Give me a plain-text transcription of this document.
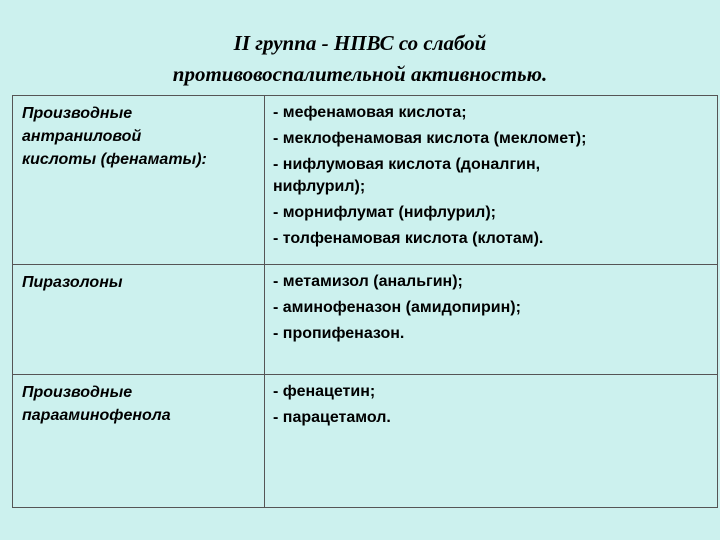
II группа - НПВС со слабой
противовоспалительной активностью.
Производные
антраниловой
кислоты (фенаматы):
- мефенамовая кислота;
- меклофенамовая кислота (мекломет);
- нифлумовая кислота (доналгин,
нифлурил);
- морнифлумат (нифлурил);
- толфенамовая кислота (клотам).
Пиразолоны	- метамизол (анальгин);
- аминофеназон (амидопирин);
- пропифеназон.
Производные
парааминофенола
- фенацетин;
- парацетамол.
